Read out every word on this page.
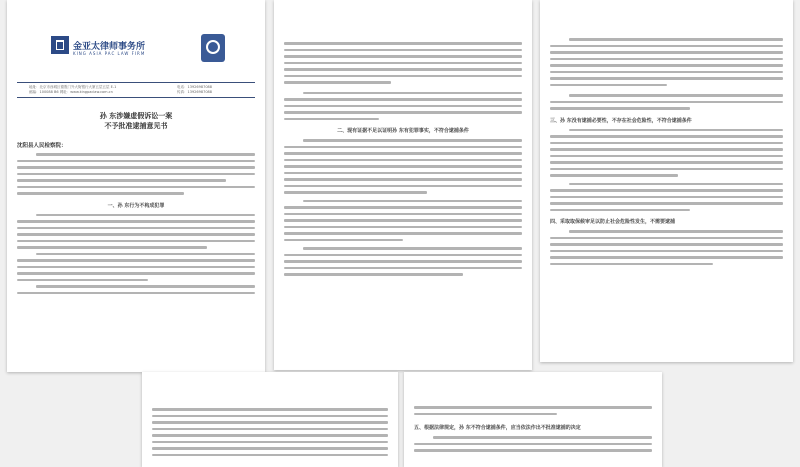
金亚太律师事务所
KING ASIA PAC LAW FIRM
地址：北京市西城区德胜门外大街银行大厦五层五层 E-1
邮编：100088 B6 网址：www.kingpaclaw.com.cn
电话：13926987088
传真：13926987088
孙 东涉嫌虚假诉讼一案
不予批准逮捕意见书
沈阳县人民检察院：
一、孙 东行为不构成犯罪
二、现有证据不足以证明孙 东有犯罪事实，不符合逮捕条件
三、孙 东没有逮捕必要性，不存在社会危险性，不符合逮捕条件
四、采取取保候审足以防止社会危险性发生，不需要逮捕
五、根据法律规定，孙 东不符合逮捕条件，应当依法作出不批准逮捕的决定
